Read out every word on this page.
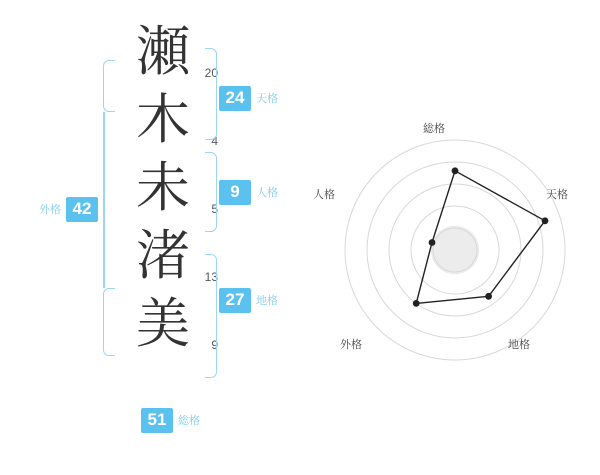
瀬 20
木 4
未 5
渚 13
美 9
24	天格
9	人格
27	地格
外格 42
51	総格
総格
天格
地格
外格
人格
